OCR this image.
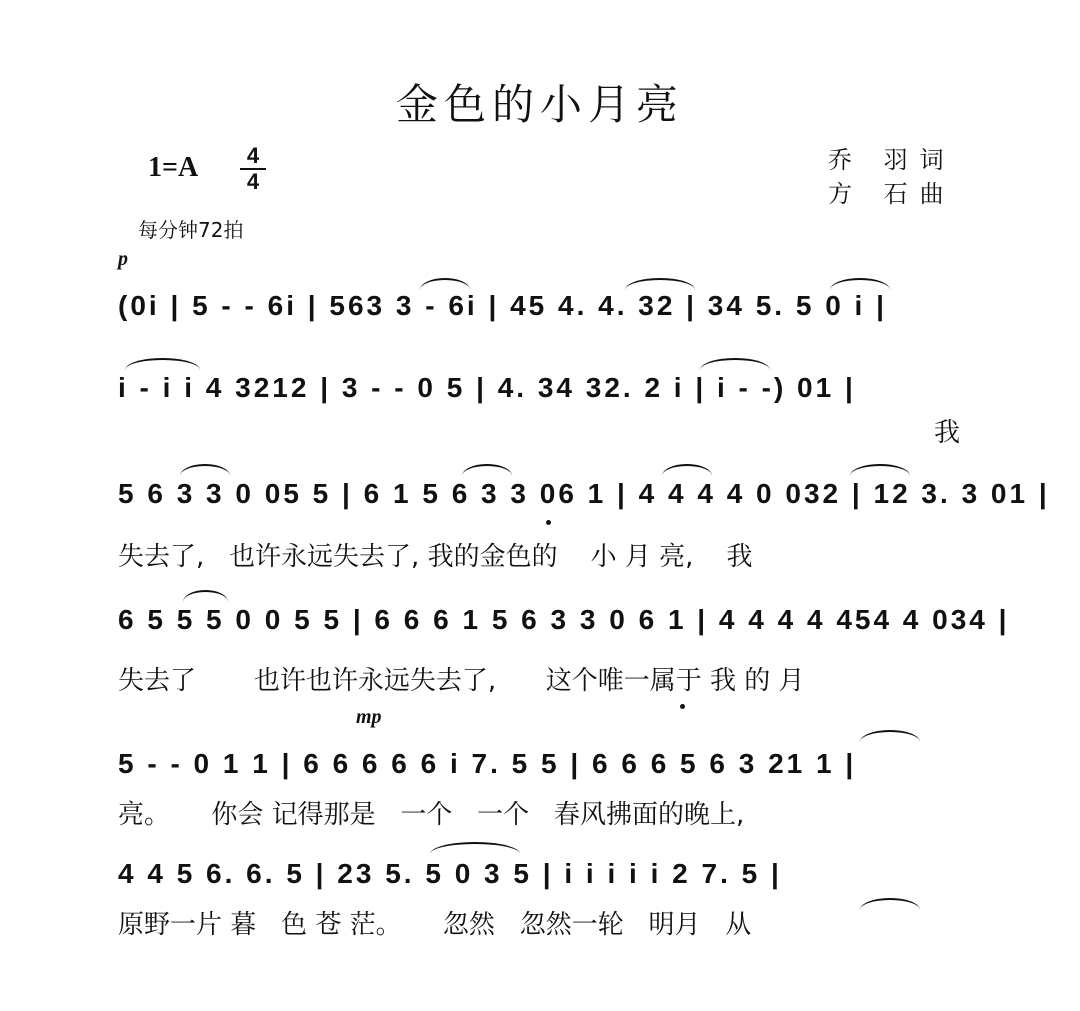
金色的小月亮
1=A	4
4
乔 羽词
方 石曲
每分钟72拍
p
mp
(0i | 5 - - 6i | 563 3 - 6i | 45 4. 4. 32 | 34 5. 5 0 i |
i - i i 4 3212 | 3 - - 0 5 | 4. 34 32. 2 i | i - -) 01 |
我
5 6 3 3 0 05 5 | 6 1 5 6 3 3 06 1 | 4 4 4 4 0 032 | 12 3. 3 01 |
失去了,   也许永远失去了, 我的金色的    小 月 亮,    我
6 5 5 5 0 0 5 5 | 6 6 6 1 5 6 3 3 0 6 1 | 4 4 4 4 454 4 034 |
失去了       也许也许永远失去了,      这个唯一属于 我 的 月
5 - - 0 1 1 | 6 6 6 6 6 i 7. 5 5 | 6 6 6 5 6 3 21 1 |
亮。     你会 记得那是   一个   一个   春风拂面的晚上,
4 4 5 6. 6. 5 | 23 5. 5 0 3 5 | i i i i i 2 7. 5 |
原野一片 暮   色 苍 茫。     忽然   忽然一轮   明月   从
